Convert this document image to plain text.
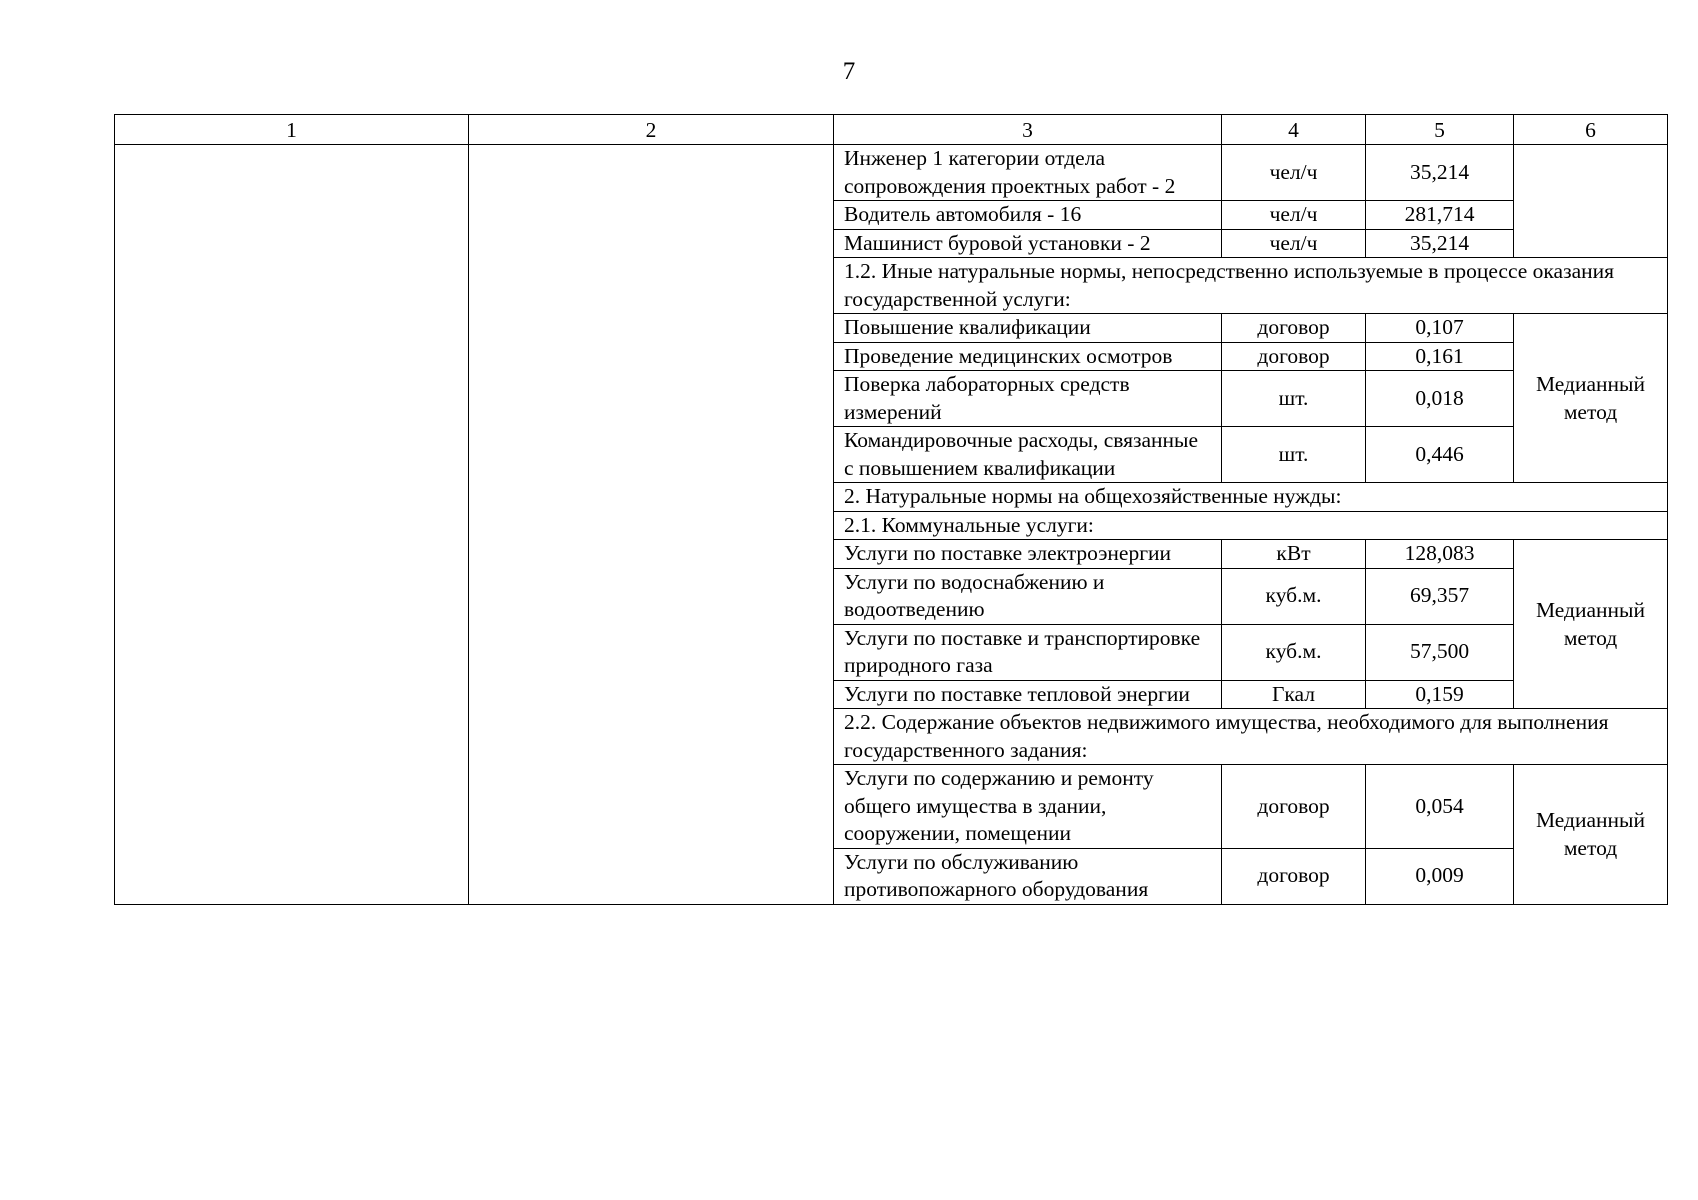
7
1	2	3	4	5	6
		Инженер 1 категории отдела сопровождения проектных работ - 2	чел/ч	35,214	
		Водитель автомобиля - 16	чел/ч	281,714	
		Машинист буровой установки - 2	чел/ч	35,214	
		1.2. Иные натуральные нормы, непосредственно используемые в процессе оказания государственной услуги:			
		Повышение квалификации	договор	0,107	Медианный метод
		Проведение медицинских осмотров	договор	0,161	
		Поверка лабораторных средств измерений	шт.	0,018	
		Командировочные расходы, связанные с повышением квалификации	шт.	0,446	
		2. Натуральные нормы на общехозяйственные нужды:			
		2.1. Коммунальные услуги:			
		Услуги по поставке электроэнергии	кВт	128,083	Медианный метод
		Услуги по водоснабжению и водоотведению	куб.м.	69,357	
		Услуги по поставке и транспортировке природного газа	куб.м.	57,500	
		Услуги по поставке тепловой энергии	Гкал	0,159	
		2.2. Содержание объектов недвижимого имущества, необходимого для выполнения государственного задания:			
		Услуги по содержанию и ремонту общего имущества в здании, сооружении, помещении	договор	0,054	Медианный метод
		Услуги по обслуживанию противопожарного оборудования	договор	0,009	
